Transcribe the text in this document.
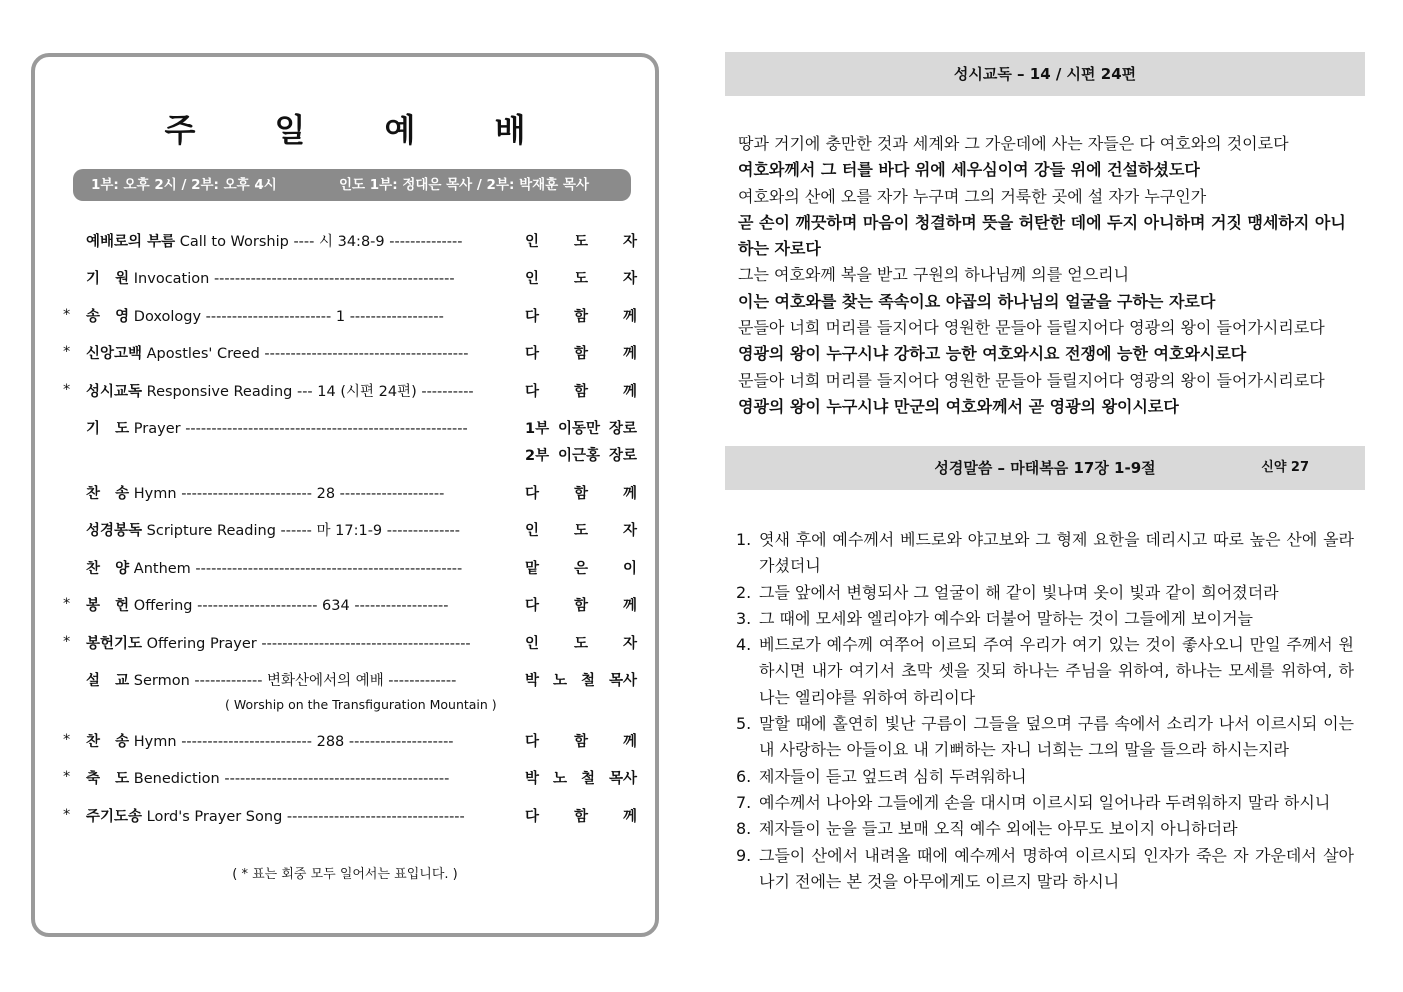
주 일 예 배
1부: 오후 2시 / 2부: 오후 4시	인도 1부: 정대은 목사 / 2부: 박재훈 목사
예배로의 부름 Call to Worship ---- 시 34:8-9 --------------	인 도 자
기   원 Invocation ----------------------------------------------	인 도 자
* 송   영 Doxology ------------------------ 1 ------------------	다 함 께
* 신앙고백 Apostles' Creed ---------------------------------------	다 함 께
* 성시교독 Responsive Reading --- 14 (시편 24편) ----------	다 함 께
기   도 Prayer ------------------------------------------------------	1부 이동만 장로
2부 이근홍 장로
찬   송 Hymn ------------------------- 28 --------------------	다 함 께
성경봉독 Scripture Reading ------ 마 17:1-9 --------------	인 도 자
찬   양 Anthem ---------------------------------------------------	맡 은 이
* 봉   헌 Offering ----------------------- 634 ------------------	다 함 께
* 봉헌기도 Offering Prayer ----------------------------------------	인 도 자
설   교 Sermon ------------- 변화산에서의 예배 -------------	박 노 철 목사
* 찬   송 Hymn ------------------------- 288 --------------------	다 함 께
* 축   도 Benediction -------------------------------------------	박 노 철 목사
* 주기도송 Lord's Prayer Song ----------------------------------	다 함 께
( Worship on the Transfiguration Mountain )
( * 표는 회중 모두 일어서는 표입니다. )
성시교독 – 14 / 시편 24편
땅과 거기에 충만한 것과 세계와 그 가운데에 사는 자들은 다 여호와의 것이로다
여호와께서 그 터를 바다 위에 세우심이여 강들 위에 건설하셨도다
여호와의 산에 오를 자가 누구며 그의 거룩한 곳에 설 자가 누구인가
곧 손이 깨끗하며 마음이 청결하며 뜻을 허탄한 데에 두지 아니하며 거짓 맹세하지 아니하는 자로다
그는 여호와께 복을 받고 구원의 하나님께 의를 얻으리니
이는 여호와를 찾는 족속이요 야곱의 하나님의 얼굴을 구하는 자로다
문들아 너희 머리를 들지어다 영원한 문들아 들릴지어다 영광의 왕이 들어가시리로다
영광의 왕이 누구시냐 강하고 능한 여호와시요 전쟁에 능한 여호와시로다
문들아 너희 머리를 들지어다 영원한 문들아 들릴지어다 영광의 왕이 들어가시리로다
영광의 왕이 누구시냐 만군의 여호와께서 곧 영광의 왕이시로다
성경말씀 – 마태복음 17장 1-9절	신약 27
1. 엿새 후에 예수께서 베드로와 야고보와 그 형제 요한을 데리시고 따로 높은 산에 올라가셨더니
2. 그들 앞에서 변형되사 그 얼굴이 해 같이 빛나며 옷이 빛과 같이 희어졌더라
3. 그 때에 모세와 엘리야가 예수와 더불어 말하는 것이 그들에게 보이거늘
4. 베드로가 예수께 여쭈어 이르되 주여 우리가 여기 있는 것이 좋사오니 만일 주께서 원하시면 내가 여기서 초막 셋을 짓되 하나는 주님을 위하여, 하나는 모세를 위하여, 하나는 엘리야를 위하여 하리이다
5. 말할 때에 홀연히 빛난 구름이 그들을 덮으며 구름 속에서 소리가 나서 이르시되 이는 내 사랑하는 아들이요 내 기뻐하는 자니 너희는 그의 말을 들으라 하시는지라
6. 제자들이 듣고 엎드려 심히 두려워하니
7. 예수께서 나아와 그들에게 손을 대시며 이르시되 일어나라 두려워하지 말라 하시니
8. 제자들이 눈을 들고 보매 오직 예수 외에는 아무도 보이지 아니하더라
9. 그들이 산에서 내려올 때에 예수께서 명하여 이르시되 인자가 죽은 자 가운데서 살아나기 전에는 본 것을 아무에게도 이르지 말라 하시니
